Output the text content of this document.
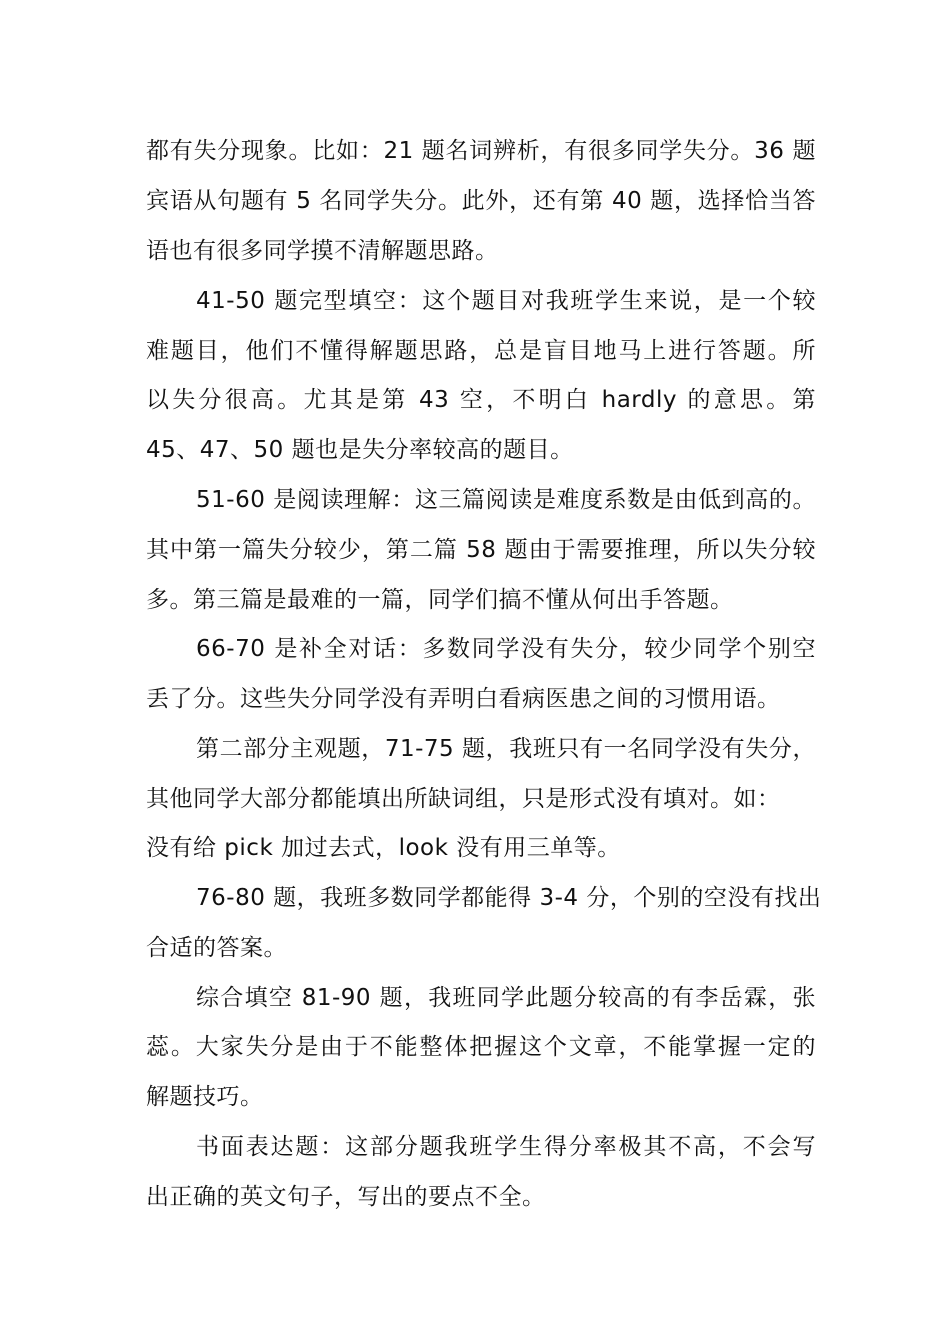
都有失分现象。比如：21 题名词辨析，有很多同学失分。36 题
宾语从句题有 5 名同学失分。此外，还有第 40 题，选择恰当答
语也有很多同学摸不清解题思路。
41-50 题完型填空：这个题目对我班学生来说，是一个较
难题目，他们不懂得解题思路，总是盲目地马上进行答题。所
以失分很高。尤其是第 43 空，不明白 hardly 的意思。第
45、47、50 题也是失分率较高的题目。
51-60 是阅读理解：这三篇阅读是难度系数是由低到高的。
其中第一篇失分较少，第二篇 58 题由于需要推理，所以失分较
多。第三篇是最难的一篇，同学们搞不懂从何出手答题。
66-70 是补全对话：多数同学没有失分，较少同学个别空
丢了分。这些失分同学没有弄明白看病医患之间的习惯用语。
第二部分主观题，71-75 题，我班只有一名同学没有失分，
其他同学大部分都能填出所缺词组，只是形式没有填对。如：
没有给 pick 加过去式，look 没有用三单等。
76-80 题，我班多数同学都能得 3-4 分，个别的空没有找出
合适的答案。
综合填空 81-90 题，我班同学此题分较高的有李岳霖，张
蕊。大家失分是由于不能整体把握这个文章，不能掌握一定的
解题技巧。
书面表达题：这部分题我班学生得分率极其不高，不会写
出正确的英文句子，写出的要点不全。
